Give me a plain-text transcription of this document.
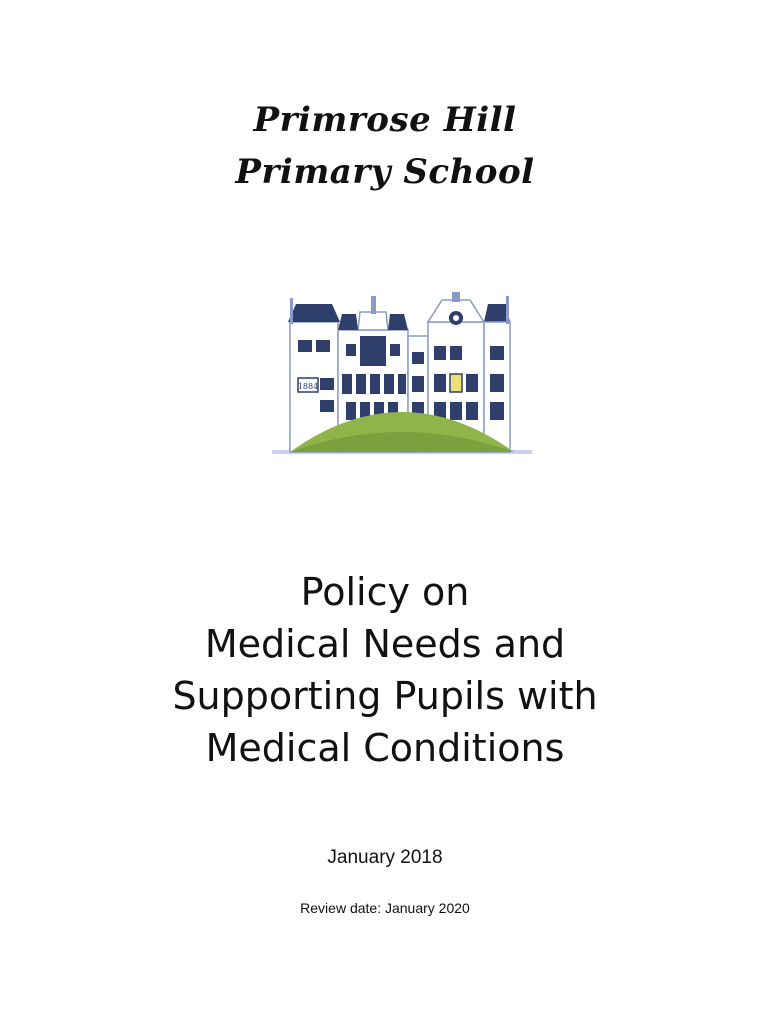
Primrose Hill
Primary School
1884
Policy on
Medical Needs and
Supporting Pupils with
Medical Conditions
January 2018
Review date: January 2020
